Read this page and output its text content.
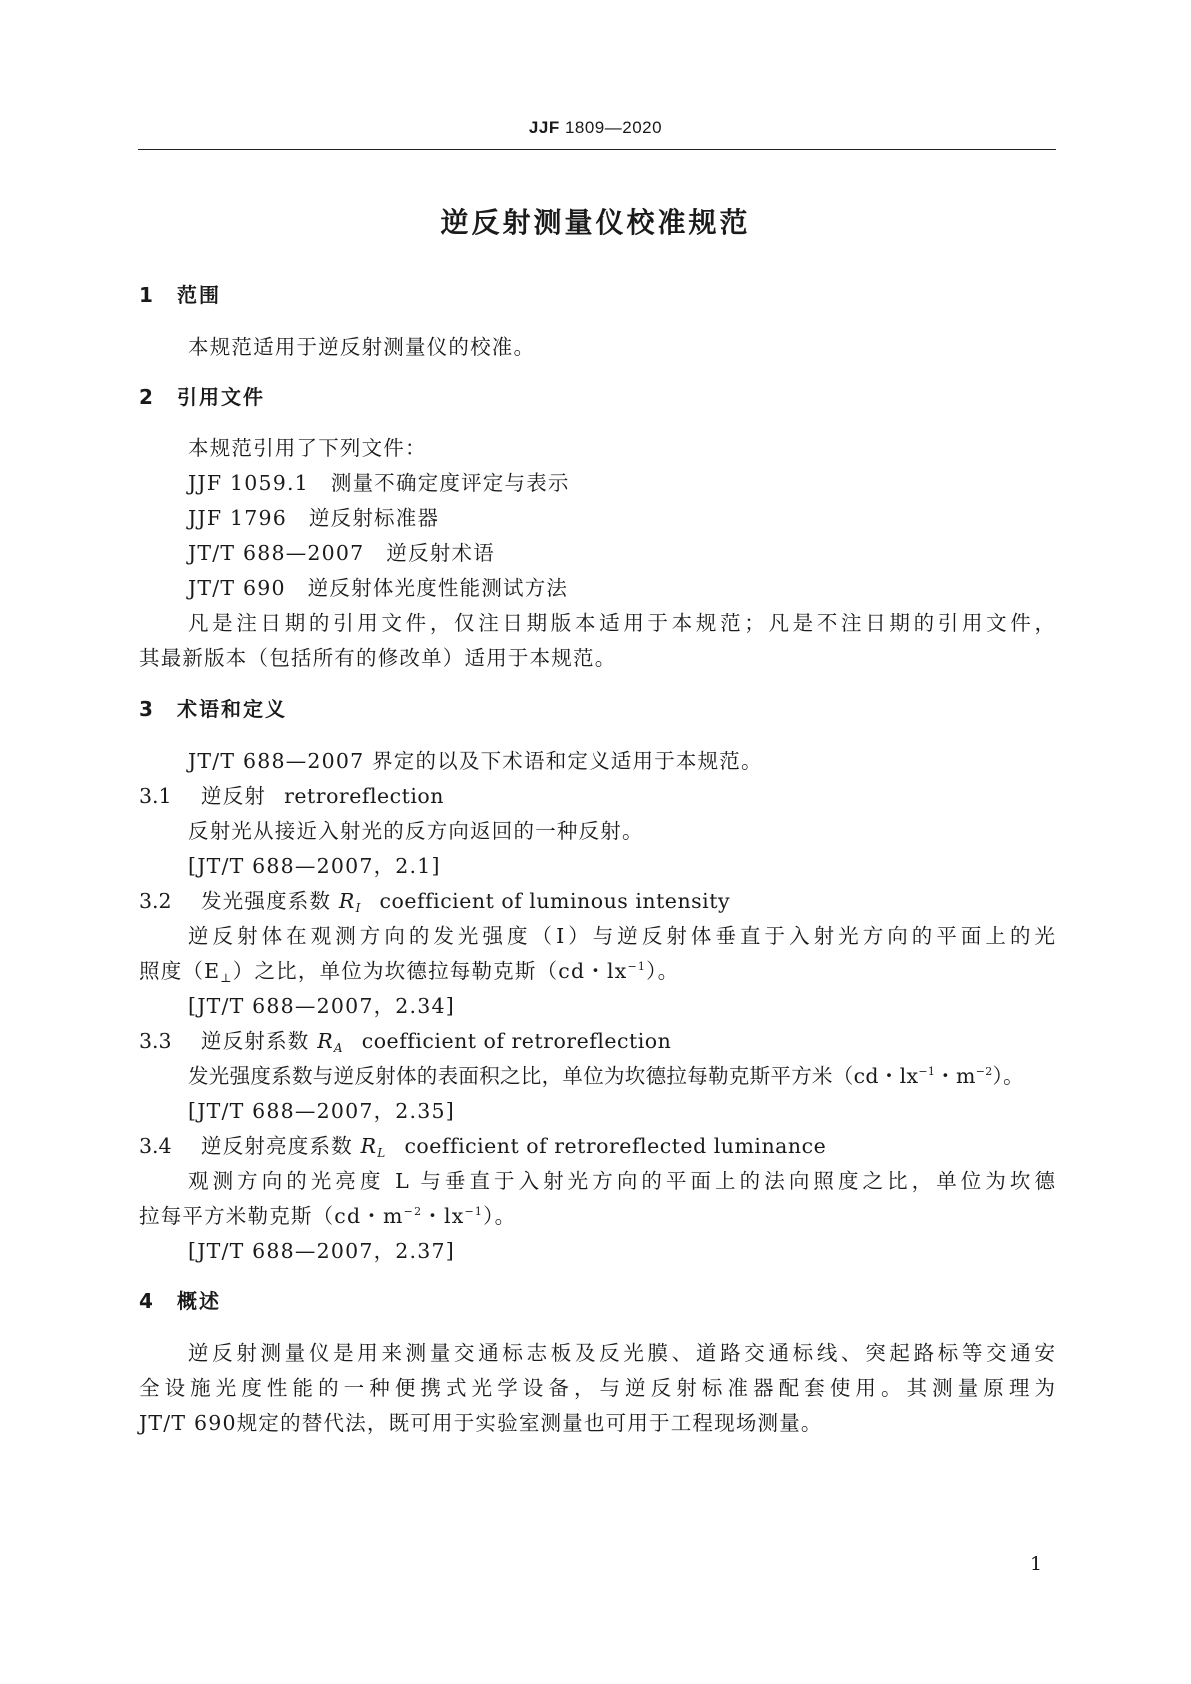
JJF 1809—2020
逆反射测量仪校准规范
1 范围
本规范适用于逆反射测量仪的校准。
2 引用文件
本规范引用了下列文件：
JJF 1059.1 测量不确定度评定与表示
JJF 1796 逆反射标准器
JT/T 688—2007 逆反射术语
JT/T 690 逆反射体光度性能测试方法
凡是注日期的引用文件，仅注日期版本适用于本规范；凡是不注日期的引用文件，
其最新版本（包括所有的修改单）适用于本规范。
3 术语和定义
JT/T 688—2007 界定的以及下术语和定义适用于本规范。
3.1 逆反射 retroreflection
反射光从接近入射光的反方向返回的一种反射。
[JT/T 688—2007，2.1]
3.2 发光强度系数 $R_I$ coefficient of luminous intensity
逆反射体在观测方向的发光强度（I）与逆反射体垂直于入射光方向的平面上的光
照度$(E_\perp)$之比，单位为坎德拉每勒克斯（cd・$lx^{-1}$）。
[JT/T 688—2007，2.34]
3.3 逆反射系数 $R_A$ coefficient of retroreflection
发光强度系数与逆反射体的表面积之比，单位为坎德拉每勒克斯平方米（cd・$lx^{-1}$・$m^{-2}$）。
[JT/T 688—2007，2.35]
3.4 逆反射亮度系数 $R_L$ coefficient of retroreflected luminance
观测方向的光亮度 L 与垂直于入射光方向的平面上的法向照度之比，单位为坎德
拉每平方米勒克斯（cd・$m^{-2}$・$lx^{-1}$）。
[JT/T 688—2007，2.37]
4 概述
逆反射测量仪是用来测量交通标志板及反光膜、道路交通标线、突起路标等交通安
全设施光度性能的一种便携式光学设备，与逆反射标准器配套使用。其测量原理为
JT/T 690规定的替代法，既可用于实验室测量也可用于工程现场测量。
1
